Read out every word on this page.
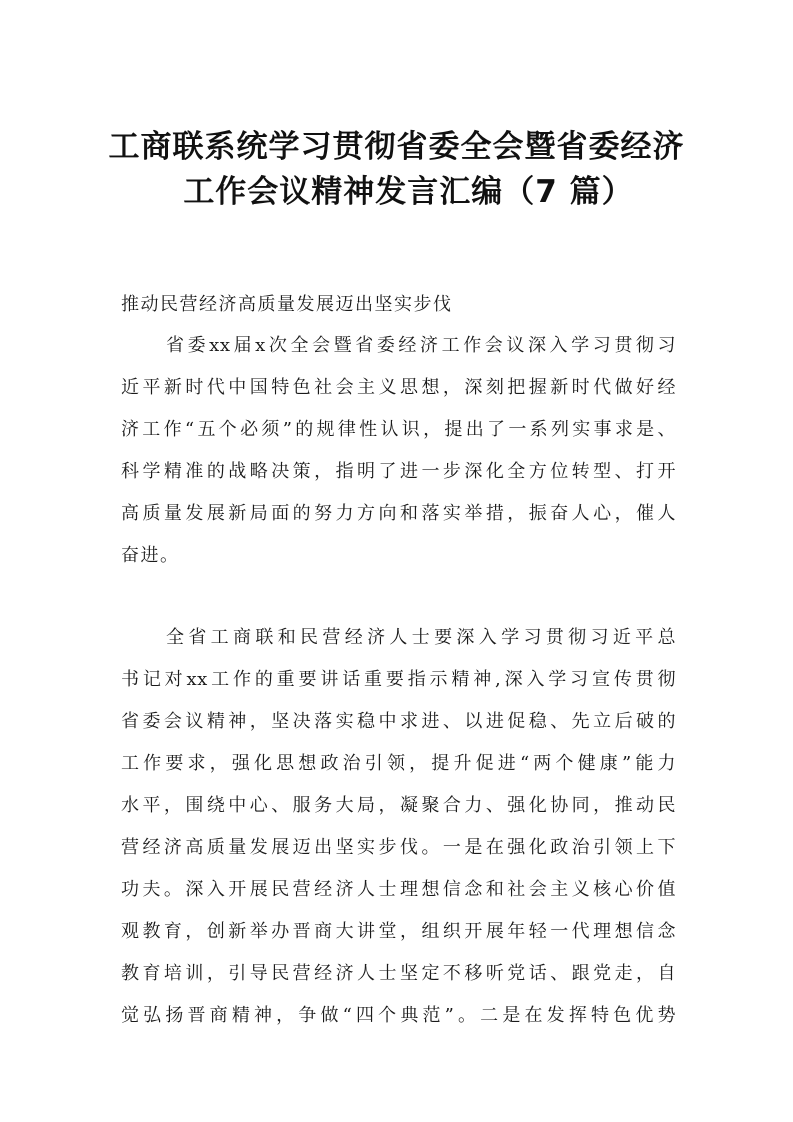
工商联系统学习贯彻省委全会暨省委经济
工作会议精神发言汇编（7 篇）
推动民营经济高质量发展迈出坚实步伐
省委xx届x次全会暨省委经济工作会议深入学习贯彻习
近平新时代中国特色社会主义思想，深刻把握新时代做好经
济工作“五个必须”的规律性认识，提出了一系列实事求是、
科学精准的战略决策，指明了进一步深化全方位转型、打开
高质量发展新局面的努力方向和落实举措，振奋人心，催人
奋进。
全省工商联和民营经济人士要深入学习贯彻习近平总
书记对xx工作的重要讲话重要指示精神,深入学习宣传贯彻
省委会议精神，坚决落实稳中求进、以进促稳、先立后破的
工作要求，强化思想政治引领，提升促进“两个健康”能力
水平，围绕中心、服务大局，凝聚合力、强化协同，推动民
营经济高质量发展迈出坚实步伐。一是在强化政治引领上下
功夫。深入开展民营经济人士理想信念和社会主义核心价值
观教育，创新举办晋商大讲堂，组织开展年轻一代理想信念
教育培训，引导民营经济人士坚定不移听党话、跟党走，自
觉弘扬晋商精神，争做“四个典范”。二是在发挥特色优势
